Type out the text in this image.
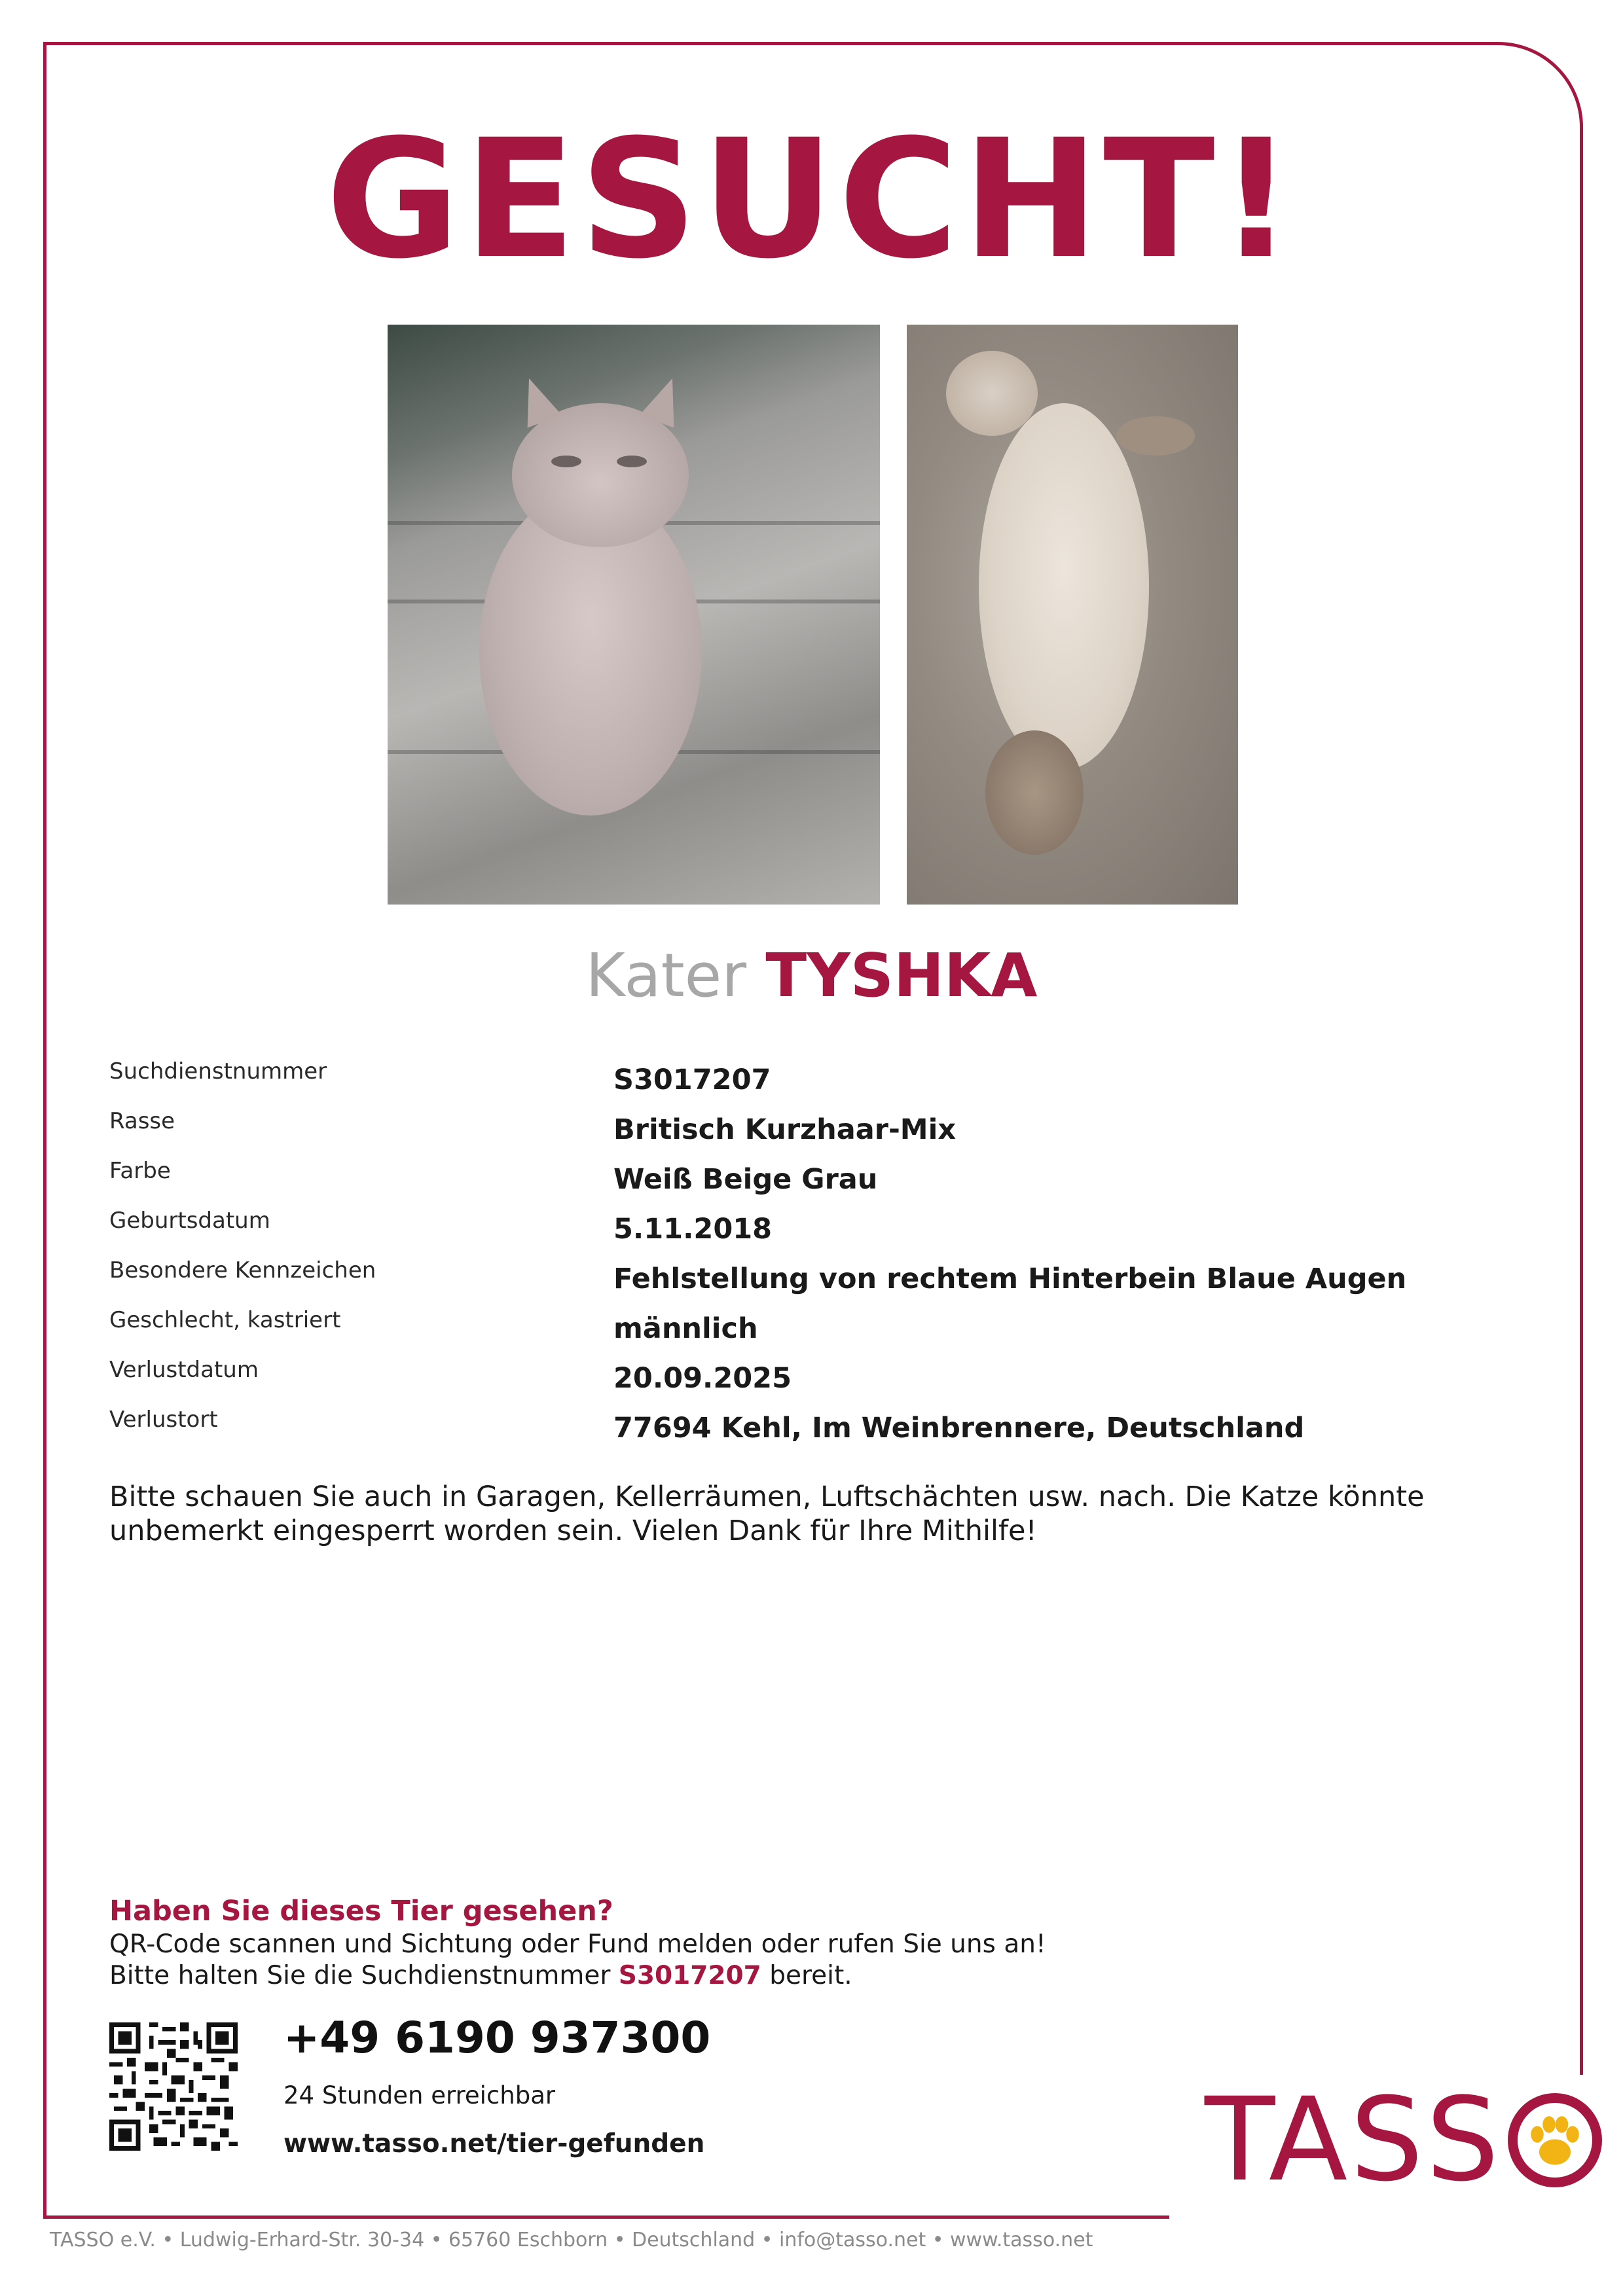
GESUCHT!

Kater TYSHKA

Suchdienstnummer	S3017207
Rasse	Britisch Kurzhaar-Mix
Farbe	Weiß Beige Grau
Geburtsdatum	5.11.2018
Besondere Kennzeichen	Fehlstellung von rechtem Hinterbein Blaue Augen
Geschlecht, kastriert	männlich
Verlustdatum	20.09.2025
Verlustort	77694 Kehl, Im Weinbrennere, Deutschland

Bitte schauen Sie auch in Garagen, Kellerräumen, Luftschächten usw. nach. Die Katze könnte unbemerkt eingesperrt worden sein. Vielen Dank für Ihre Mithilfe!

Haben Sie dieses Tier gesehen?

QR-Code scannen und Sichtung oder Fund melden oder rufen Sie uns an!

Bitte halten Sie die Suchdienstnummer S3017207 bereit.

+49 6190 937300

24 Stunden erreichbar

www.tasso.net/tier-gefunden	TASS

TASSO e.V. • Ludwig-Erhard-Str. 30-34 • 65760 Eschborn • Deutschland • info@tasso.net • www.tasso.net
